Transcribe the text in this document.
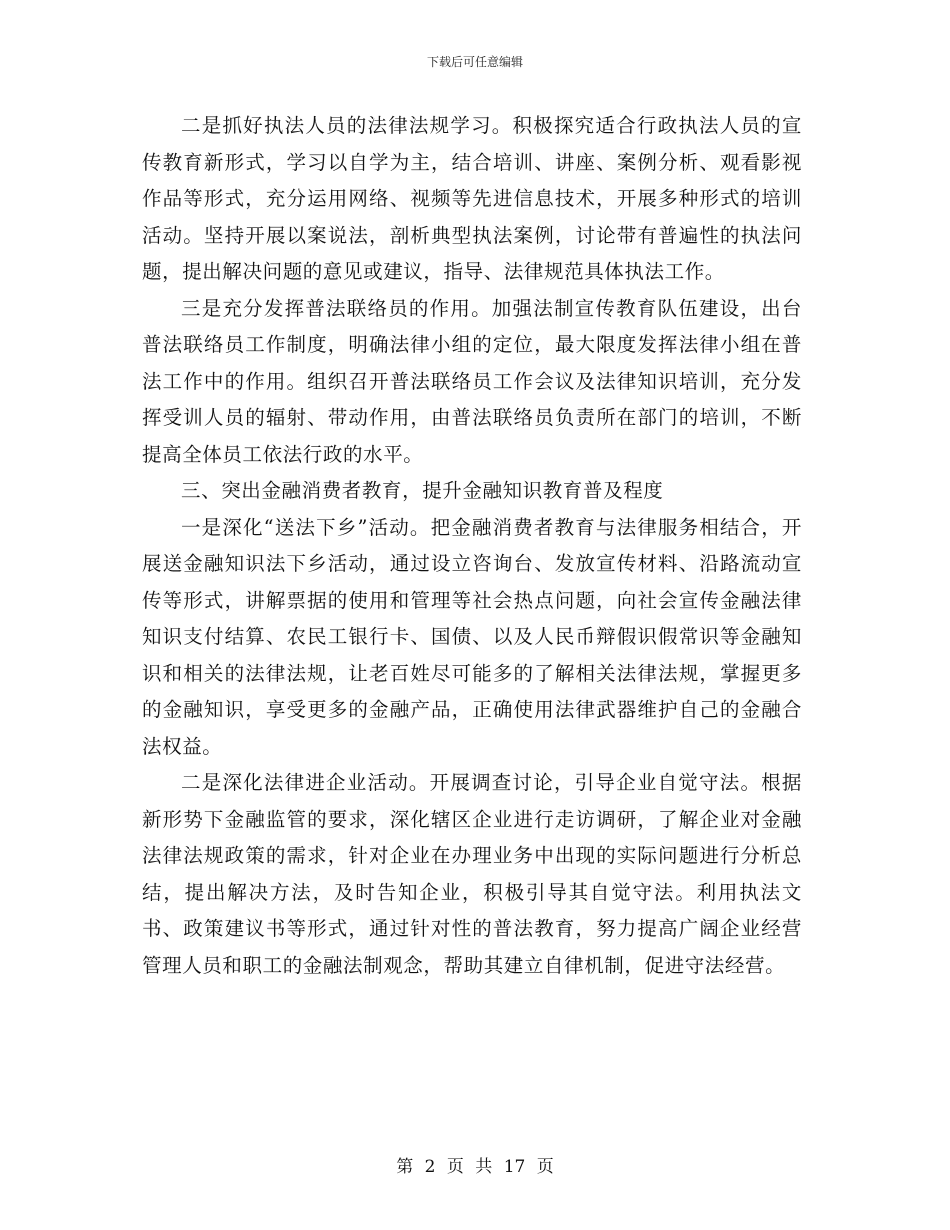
下载后可任意编辑

二是抓好执法人员的法律法规学习。积极探究适合行政执法人员的宣传教育新形式，学习以自学为主，结合培训、讲座、案例分析、观看影视作品等形式，充分运用网络、视频等先进信息技术，开展多种形式的培训活动。坚持开展以案说法，剖析典型执法案例，讨论带有普遍性的执法问题，提出解决问题的意见或建议，指导、法律规范具体执法工作。

三是充分发挥普法联络员的作用。加强法制宣传教育队伍建设，出台普法联络员工作制度，明确法律小组的定位，最大限度发挥法律小组在普法工作中的作用。组织召开普法联络员工作会议及法律知识培训，充分发挥受训人员的辐射、带动作用，由普法联络员负责所在部门的培训，不断提高全体员工依法行政的水平。

三、突出金融消费者教育，提升金融知识教育普及程度

一是深化“送法下乡”活动。把金融消费者教育与法律服务相结合，开展送金融知识法下乡活动，通过设立咨询台、发放宣传材料、沿路流动宣传等形式，讲解票据的使用和管理等社会热点问题，向社会宣传金融法律知识支付结算、农民工银行卡、国债、以及人民币辩假识假常识等金融知识和相关的法律法规，让老百姓尽可能多的了解相关法律法规，掌握更多的金融知识，享受更多的金融产品，正确使用法律武器维护自己的金融合法权益。

二是深化法律进企业活动。开展调查讨论，引导企业自觉守法。根据新形势下金融监管的要求，深化辖区企业进行走访调研，了解企业对金融法律法规政策的需求，针对企业在办理业务中出现的实际问题进行分析总结，提出解决方法，及时告知企业，积极引导其自觉守法。利用执法文书、政策建议书等形式，通过针对性的普法教育，努力提高广阔企业经营管理人员和职工的金融法制观念，帮助其建立自律机制，促进守法经营。

第 2 页 共 17 页
